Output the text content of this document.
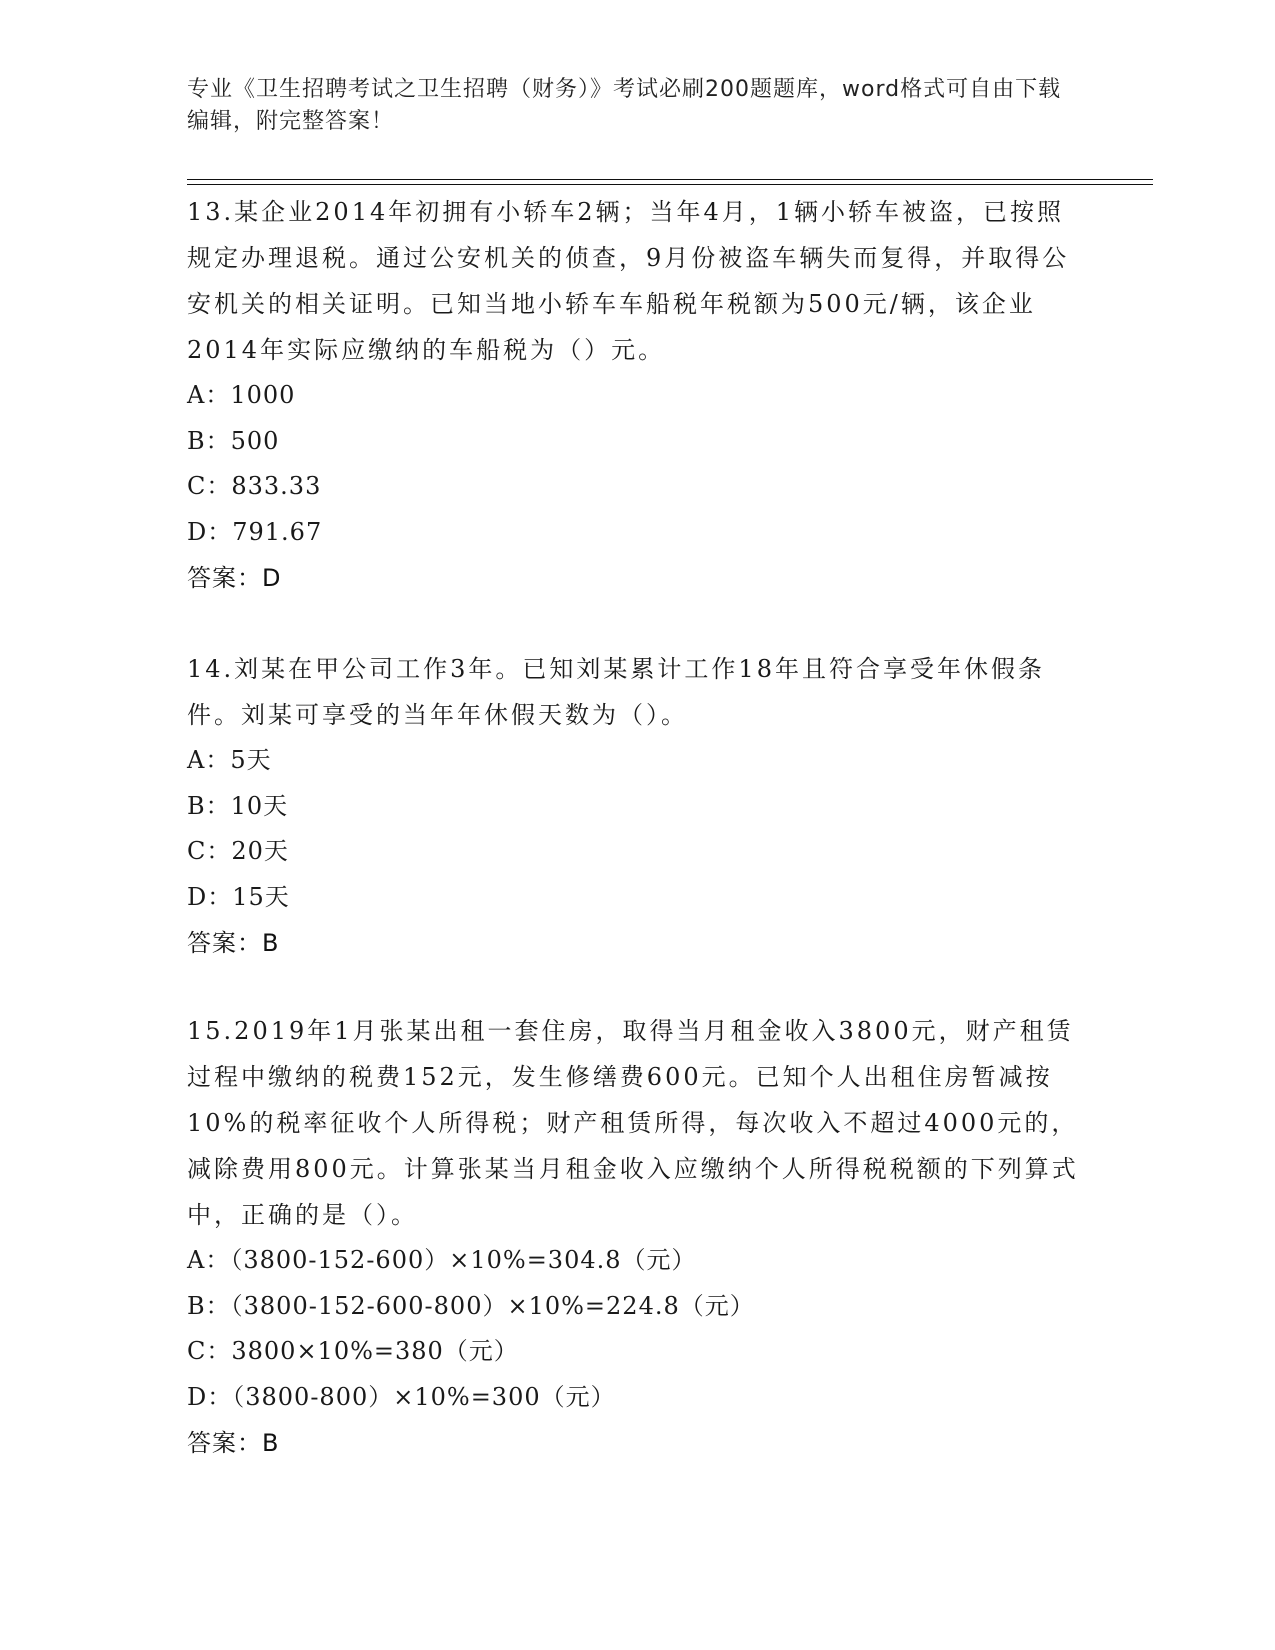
专业《卫生招聘考试之卫生招聘（财务）》考试必刷200题题库，word格式可自由下载编辑，附完整答案！
13.某企业2014年初拥有小轿车2辆；当年4月，1辆小轿车被盗，已按照规定办理退税。通过公安机关的侦查，9月份被盗车辆失而复得，并取得公安机关的相关证明。已知当地小轿车车船税年税额为500元/辆，该企业2014年实际应缴纳的车船税为（）元。
A：1000
B：500
C：833.33
D：791.67
答案：D
14.刘某在甲公司工作3年。已知刘某累计工作18年且符合享受年休假条件。刘某可享受的当年年休假天数为（）。
A：5天
B：10天
C：20天
D：15天
答案：B
15.2019年1月张某出租一套住房，取得当月租金收入3800元，财产租赁过程中缴纳的税费152元，发生修缮费600元。已知个人出租住房暂减按10%的税率征收个人所得税；财产租赁所得，每次收入不超过4000元的，减除费用800元。计算张某当月租金收入应缴纳个人所得税税额的下列算式中，正确的是（）。
A：（3800-152-600）×10%=304.8（元）
B：（3800-152-600-800）×10%=224.8（元）
C：3800×10%=380（元）
D：（3800-800）×10%=300（元）
答案：B
